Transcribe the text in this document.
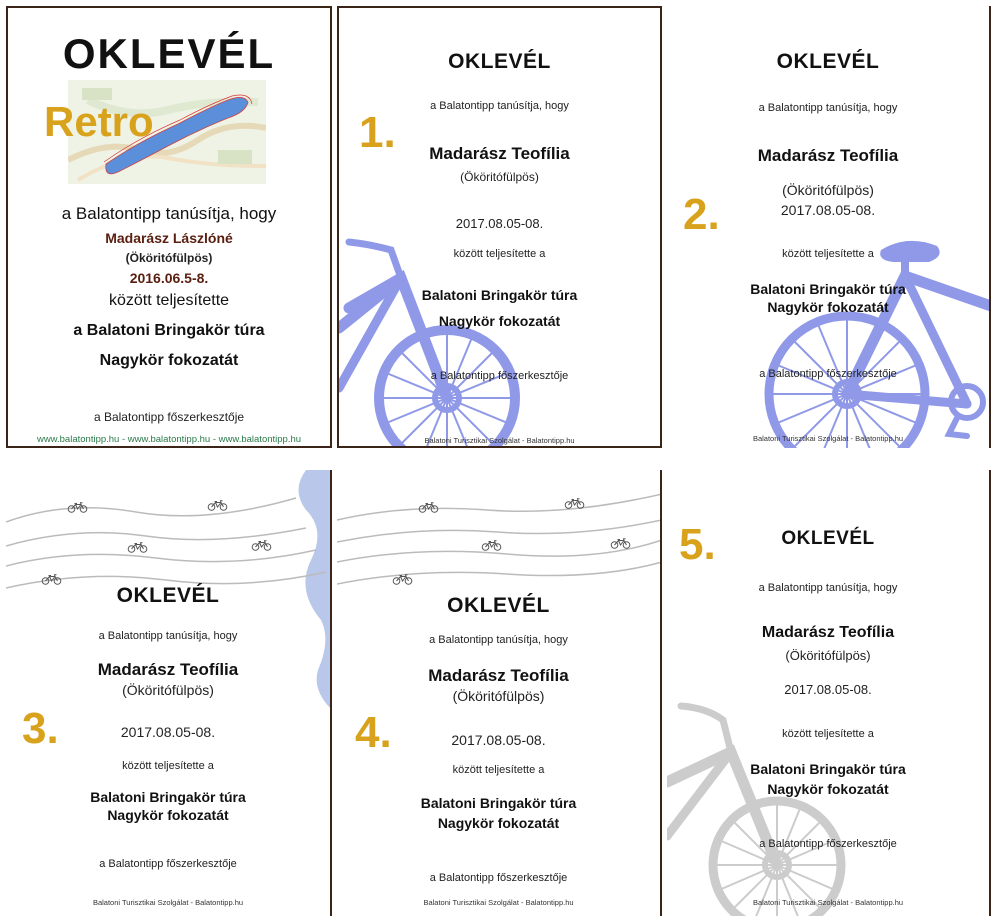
OKLEVÉL
Retro
a Balatontipp tanúsítja, hogy
Madarász Lászlóné
(Ököritófülpös)
2016.06.5-8.
között teljesítette
a Balatoni Bringakör túra
Nagykör fokozatát
a Balatontipp főszerkesztője
www.balatontipp.hu - www.balatontipp.hu - www.balatontipp.hu
1.
OKLEVÉL
a Balatontipp tanúsítja, hogy
Madarász Teofília
(Ököritófülpös)
2017.08.05-08.
között teljesítette a
Balatoni Bringakör túra
Nagykör fokozatát
a Balatontipp főszerkesztője
Balatoni Turisztikai Szolgálat - Balatontipp.hu
2.
OKLEVÉL
a Balatontipp tanúsítja, hogy
Madarász Teofília
(Ököritófülpös)
2017.08.05-08.
között teljesítette a
Balatoni Bringakör túra
Nagykör fokozatát
a Balatontipp főszerkesztője
Balatoni Turisztikai Szolgálat - Balatontipp.hu
3.
OKLEVÉL
a Balatontipp tanúsítja, hogy
Madarász Teofília
(Ököritófülpös)
2017.08.05-08.
között teljesítette a
Balatoni Bringakör túra
Nagykör fokozatát
a Balatontipp főszerkesztője
Balatoni Turisztikai Szolgálat - Balatontipp.hu
4.
OKLEVÉL
a Balatontipp tanúsítja, hogy
Madarász Teofília
(Ököritófülpös)
2017.08.05-08.
között teljesítette a
Balatoni Bringakör túra
Nagykör fokozatát
a Balatontipp főszerkesztője
Balatoni Turisztikai Szolgálat - Balatontipp.hu
5.	OKLEVÉL
a Balatontipp tanúsítja, hogy
Madarász Teofília
(Ököritófülpös)
2017.08.05-08.
között teljesítette a
Balatoni Bringakör túra
Nagykör fokozatát
a Balatontipp főszerkesztője
Balatoni Turisztikai Szolgálat - Balatontipp.hu
